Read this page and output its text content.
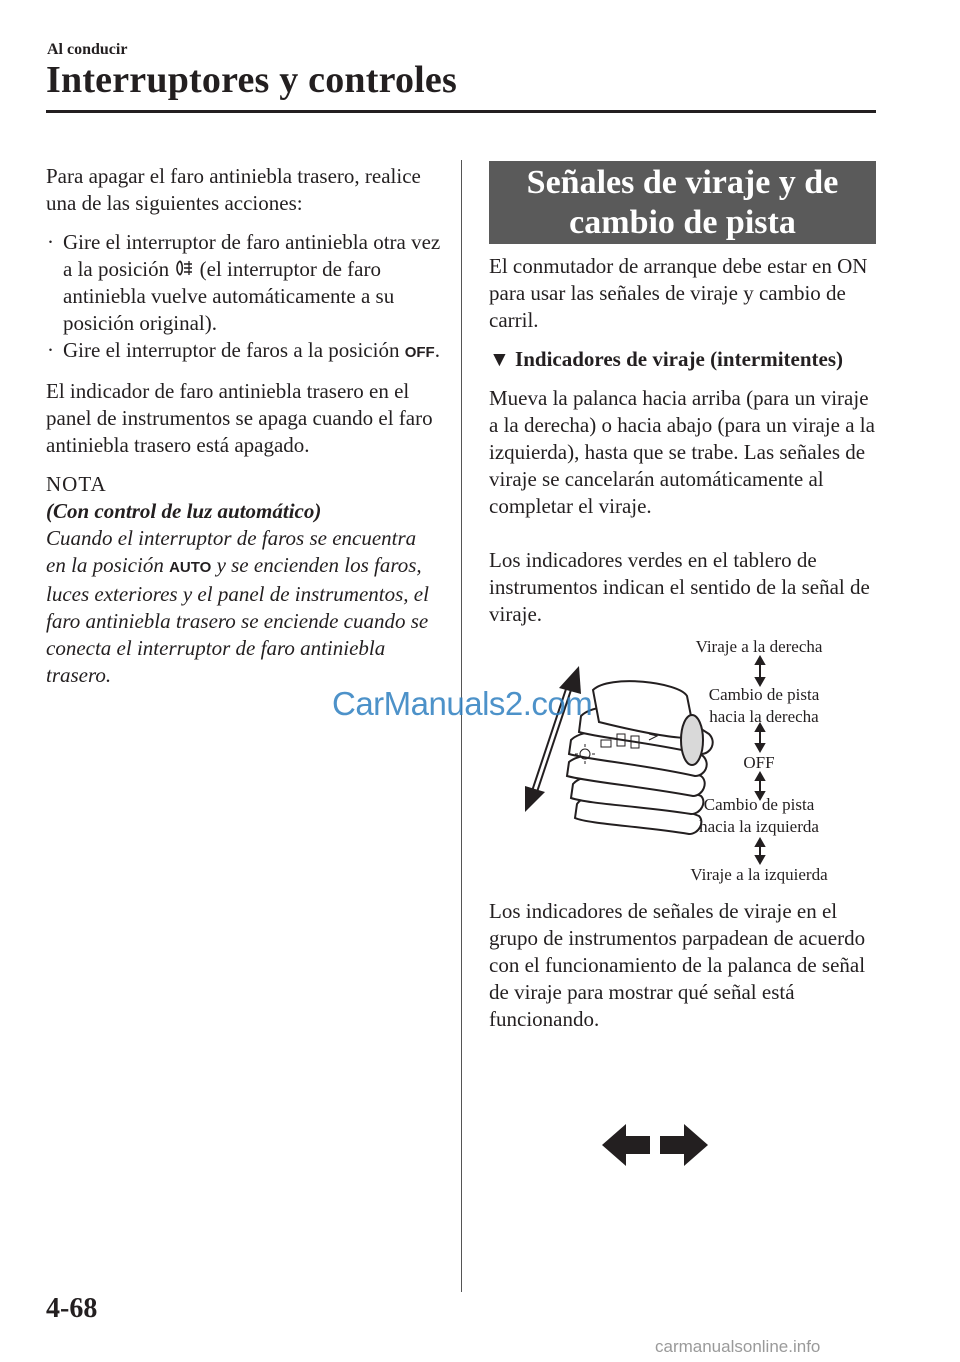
Al conducir
Interruptores y controles

Para apagar el faro antiniebla trasero, realice una de las siguientes acciones:

· Gire el interruptor de faro antiniebla otra vez a la posición  (el interruptor de faro antiniebla vuelve automáticamente a su posición original).
· Gire el interruptor de faros a la posición OFF.

El indicador de faro antiniebla trasero en el panel de instrumentos se apaga cuando el faro antiniebla trasero está apagado.

NOTA
(Con control de luz automático)

Cuando el interruptor de faros se encuentra en la posición AUTO y se encienden los faros, luces exteriores y el panel de instrumentos, el faro antiniebla trasero se enciende cuando se conecta el interruptor de faro antiniebla trasero.

Señales de viraje y de
cambio de pista

El conmutador de arranque debe estar en ON para usar las señales de viraje y cambio de carril.

▼ Indicadores de viraje (intermitentes)

Mueva la palanca hacia arriba (para un viraje a la derecha) o hacia abajo (para un viraje a la izquierda), hasta que se trabe. Las señales de viraje se cancelarán automáticamente al completar el viraje.

Los indicadores verdes en el tablero de instrumentos indican el sentido de la señal de viraje.

Viraje a la derecha
Cambio de pista
hacia la derecha
OFF
Cambio de pista
hacia la izquierda
Viraje a la izquierda
Los indicadores de señales de viraje en el grupo de instrumentos parpadean de acuerdo con el funcionamiento de la palanca de señal de viraje para mostrar qué señal está funcionando.
CarManuals2.com
4-68
carmanualsonline.info
